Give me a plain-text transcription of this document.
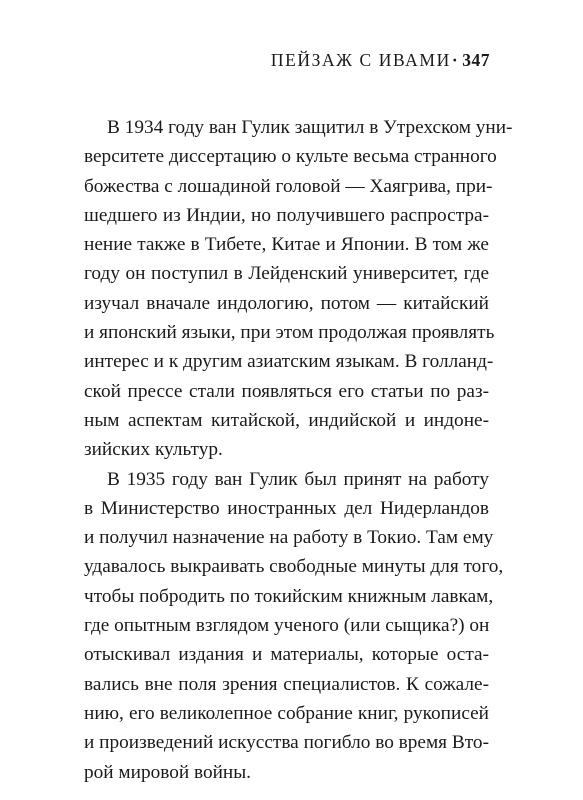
ПЕЙЗАЖ С ИВАМИ· 347
В 1934 году ван Гулик защитил в Утрехском уни-
верситете диссертацию о культе весьма странного
божества с лошадиной головой — Хаягрива, при-
шедшего из Индии, но получившего распростра-
нение также в Тибете, Китае и Японии. В том же
году он поступил в Лейденский университет, где
изучал вначале индологию, потом — китайский
и японский языки, при этом продолжая проявлять
интерес и к другим азиатским языкам. В голланд-
ской прессе стали появляться его статьи по раз-
ным аспектам китайской, индийской и индоне-
зийских культур.
В 1935 году ван Гулик был принят на работу
в Министерство иностранных дел Нидерландов
и получил назначение на работу в Токио. Там ему
удавалось выкраивать свободные минуты для того,
чтобы побродить по токийским книжным лавкам,
где опытным взглядом ученого (или сыщика?) он
отыскивал издания и материалы, которые оста-
вались вне поля зрения специалистов. К сожале-
нию, его великолепное собрание книг, рукописей
и произведений искусства погибло во время Вто-
рой мировой войны.
